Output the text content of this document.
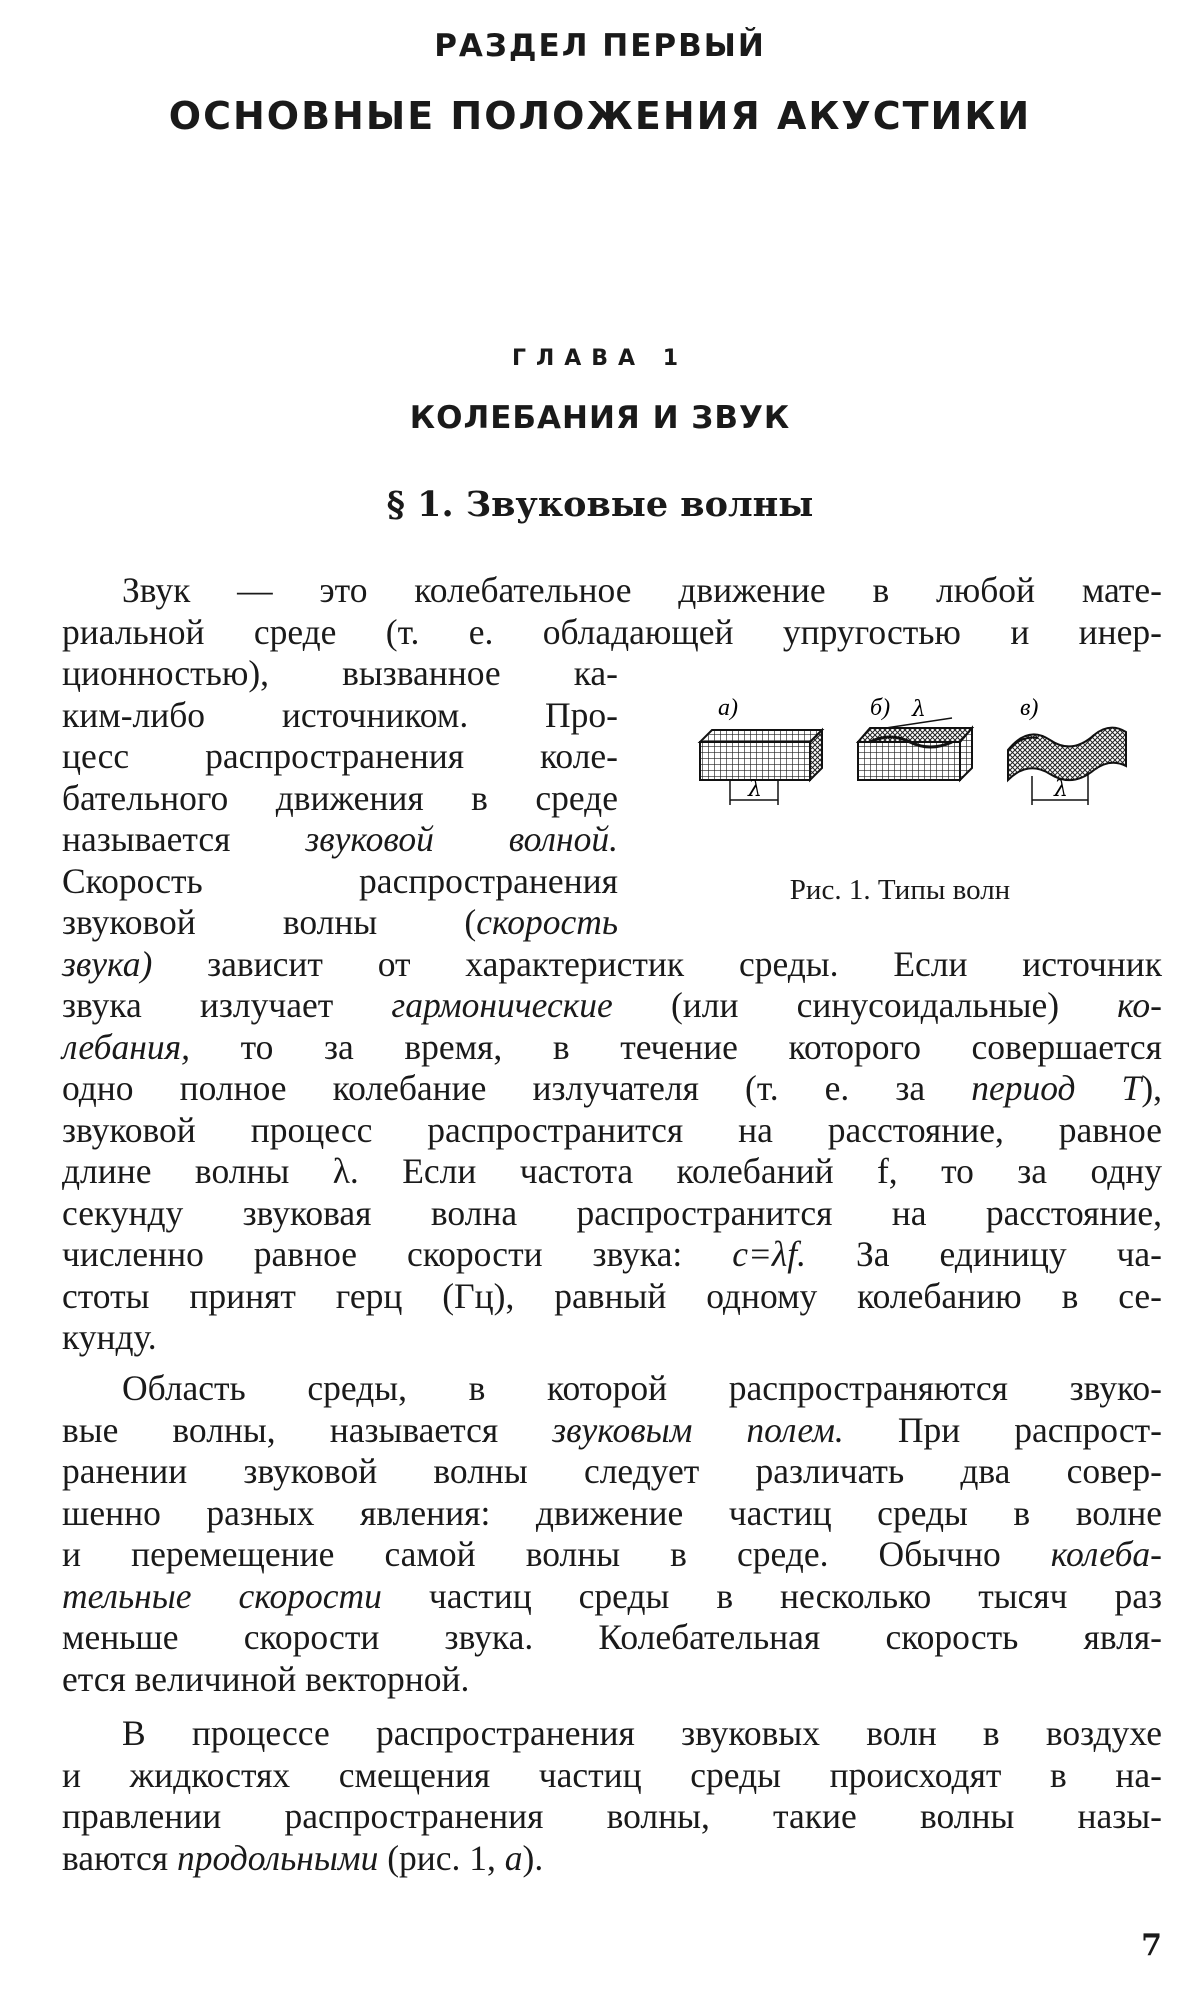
РАЗДЕЛ ПЕРВЫЙ
ОСНОВНЫЕ ПОЛОЖЕНИЯ АКУСТИКИ
ГЛАВА 1
КОЛЕБАНИЯ И ЗВУК
§ 1. Звуковые волны
Звук — это колебательное движение в любой мате-
риальной среде (т. е. обладающей упругостью и инер-
ционностью), вызванное ка-
ким-либо источником. Про-
цесс распространения коле-
бательного движения в среде
называется звуковой волной.
Скорость распространения
звуковой волны (скорость
звука) зависит от характеристик среды. Если источник
звука излучает гармонические (или синусоидальные) ко-
лебания, то за время, в течение которого совершается
одно полное колебание излучателя (т. е. за период T),
звуковой процесс распространится на расстояние, равное
длине волны λ. Если частота колебаний f, то за одну
секунду звуковая волна распространится на расстояние,
численно равное скорости звука: c=λf. За единицу ча-
стоты принят герц (Гц), равный одному колебанию в се-
кунду.
Область среды, в которой распространяются звуко-
вые волны, называется звуковым полем. При распрост-
ранении звуковой волны следует различать два совер-
шенно разных явления: движение частиц среды в волне
и перемещение самой волны в среде. Обычно колеба-
тельные скорости частиц среды в несколько тысяч раз
меньше скорости звука. Колебательная скорость явля-
ется величиной векторной.
В процессе распространения звуковых волн в воздухе
и жидкостях смещения частиц среды происходят в на-
правлении распространения волны, такие волны назы-
ваются продольными (рис. 1, а).
а)
λ
б) λ	в)
λ
Рис. 1. Типы волн
7
